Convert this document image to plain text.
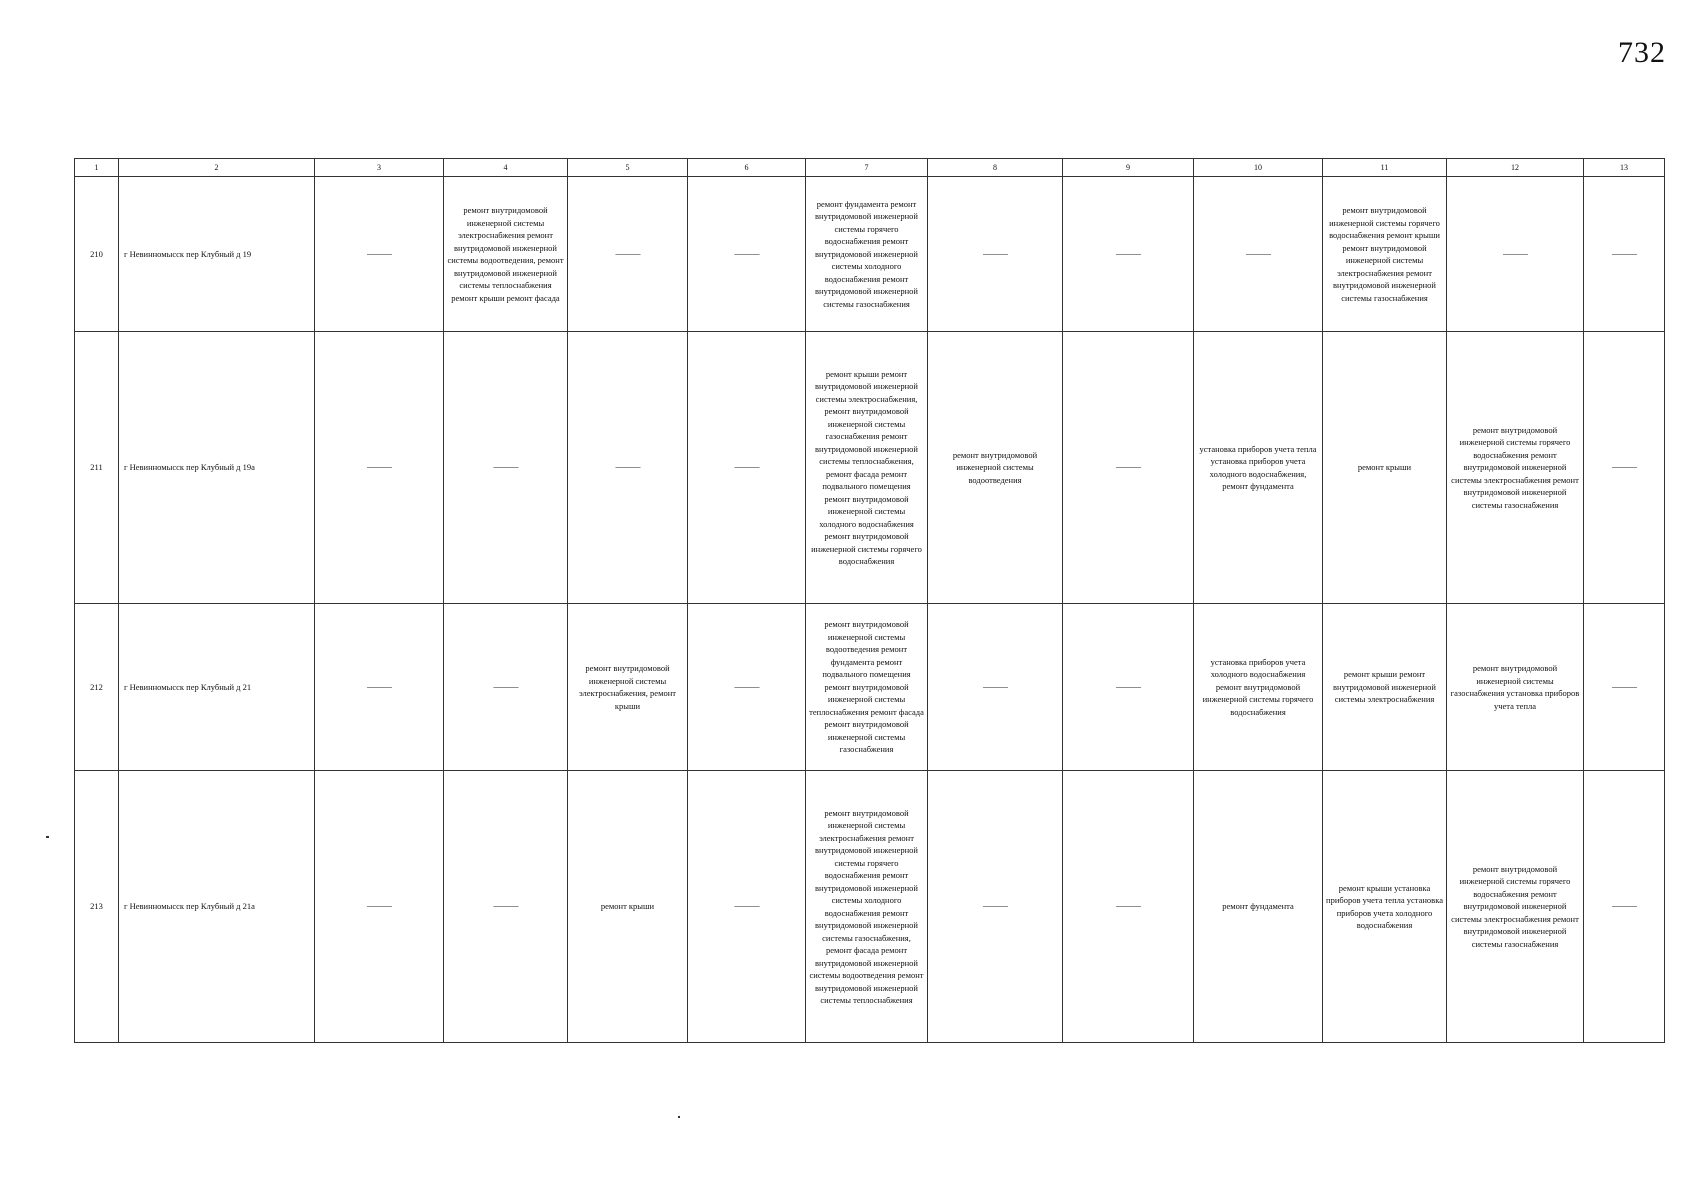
732
1	2	3	4	5	6	7	8	9	10	11	12	13
210	г Невинномысск пер Клубный д 19	———	ремонт внутридомовой инженерной системы электроснабжения ремонт внутридомовой инженерной системы водоотведения, ремонт внутридомовой инженерной системы теплоснабжения ремонт крыши ремонт фасада	———	———	ремонт фундамента ремонт внутридомовой инженерной системы горячего водоснабжения ремонт внутридомовой инженерной системы холодного водоснабжения ремонт внутридомовой инженерной системы газоснабжения	———	———	———	ремонт внутридомовой инженерной системы горячего водоснабжения ремонт крыши ремонт внутридомовой инженерной системы электроснабжения ремонт внутридомовой инженерной системы газоснабжения	———	———
211	г Невинномысск пер Клубный д 19а	———	———	———	———	ремонт крыши ремонт внутридомовой инженерной системы электроснабжения, ремонт внутридомовой инженерной системы газоснабжения ремонт внутридомовой инженерной системы теплоснабжения, ремонт фасада ремонт подвального помещения ремонт внутридомовой инженерной системы холодного водоснабжения ремонт внутридомовой инженерной системы горячего водоснабжения	ремонт внутридомовой инженерной системы водоотведения	———	установка приборов учета тепла установка приборов учета холодного водоснабжения, ремонт фундамента	ремонт крыши	ремонт внутридомовой инженерной системы горячего водоснабжения ремонт внутридомовой инженерной системы электроснабжения ремонт внутридомовой инженерной системы газоснабжения	———
212	г Невинномысск пер Клубный д 21	———	———	ремонт внутридомовой инженерной системы электроснабжения, ремонт крыши	———	ремонт внутридомовой инженерной системы водоотведения ремонт фундамента ремонт подвального помещения ремонт внутридомовой инженерной системы теплоснабжения ремонт фасада ремонт внутридомовой инженерной системы газоснабжения	———	———	установка приборов учета холодного водоснабжения ремонт внутридомовой инженерной системы горячего водоснабжения	ремонт крыши ремонт внутридомовой инженерной системы электроснабжения	ремонт внутридомовой инженерной системы газоснабжения установка приборов учета тепла	———
213	г Невинномысск пер Клубный д 21а	———	———	ремонт крыши	———	ремонт внутридомовой инженерной системы электроснабжения ремонт внутридомовой инженерной системы горячего водоснабжения ремонт внутридомовой инженерной системы холодного водоснабжения ремонт внутридомовой инженерной системы газоснабжения, ремонт фасада ремонт внутридомовой инженерной системы водоотведения ремонт внутридомовой инженерной системы теплоснабжения	———	———	ремонт фундамента	ремонт крыши установка приборов учета тепла установка приборов учета холодного водоснабжения	ремонт внутридомовой инженерной системы горячего водоснабжения ремонт внутридомовой инженерной системы электроснабжения ремонт внутридомовой инженерной системы газоснабжения	———
